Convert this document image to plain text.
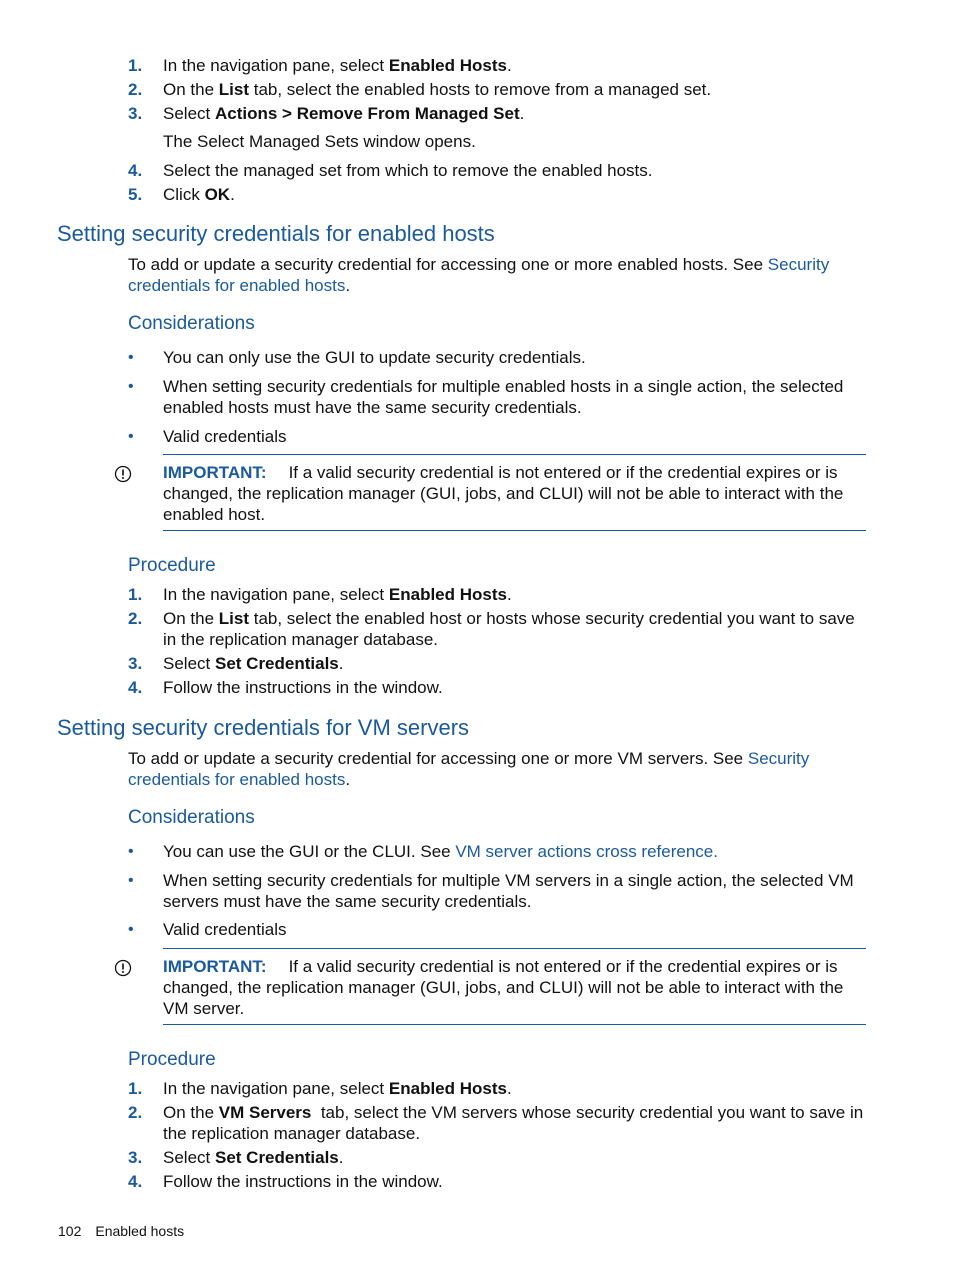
1. In the navigation pane, select Enabled Hosts.
2. On the List tab, select the enabled hosts to remove from a managed set.
3. Select Actions > Remove From Managed Set.
The Select Managed Sets window opens.
4. Select the managed set from which to remove the enabled hosts.
5. Click OK.
Setting security credentials for enabled hosts
To add or update a security credential for accessing one or more enabled hosts. See Security
credentials for enabled hosts.
Considerations
• You can only use the GUI to update security credentials.
• When setting security credentials for multiple enabled hosts in a single action, the selected
enabled hosts must have the same security credentials.
• Valid credentials
IMPORTANT: If a valid security credential is not entered or if the credential expires or is
changed, the replication manager (GUI, jobs, and CLUI) will not be able to interact with the
enabled host.
Procedure
1. In the navigation pane, select Enabled Hosts.
2. On the List tab, select the enabled host or hosts whose security credential you want to save
in the replication manager database.
3. Select Set Credentials.
4. Follow the instructions in the window.
Setting security credentials for VM servers
To add or update a security credential for accessing one or more VM servers. See Security
credentials for enabled hosts.
Considerations
• You can use the GUI or the CLUI. See VM server actions cross reference.
• When setting security credentials for multiple VM servers in a single action, the selected VM
servers must have the same security credentials.
• Valid credentials
IMPORTANT: If a valid security credential is not entered or if the credential expires or is
changed, the replication manager (GUI, jobs, and CLUI) will not be able to interact with the
VM server.
Procedure
1. In the navigation pane, select Enabled Hosts.
2. On the VM Servers  tab, select the VM servers whose security credential you want to save in
the replication manager database.
3. Select Set Credentials.
4. Follow the instructions in the window.
102 Enabled hosts
